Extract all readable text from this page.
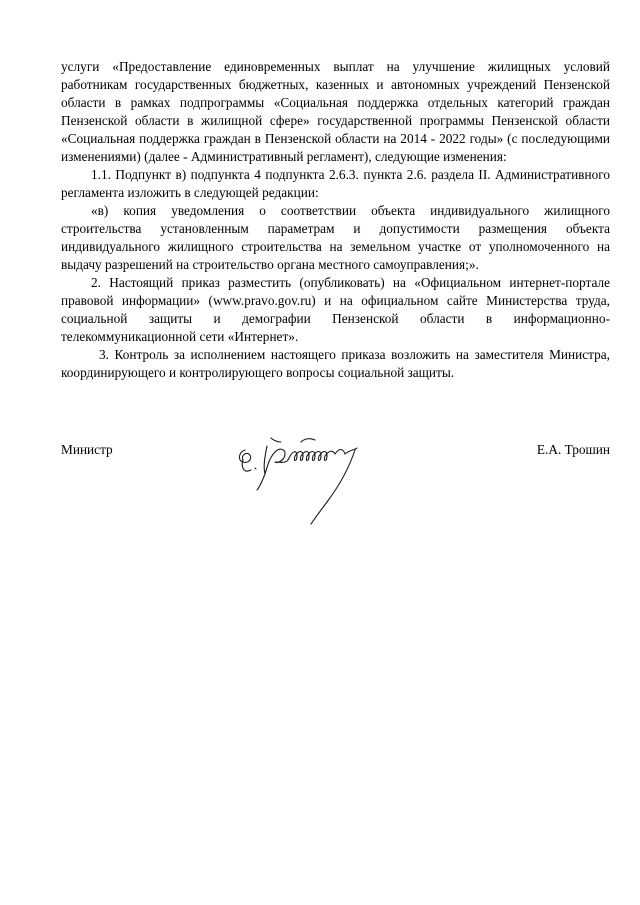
услуги «Предоставление единовременных выплат на улучшение жилищных условий работникам государственных бюджетных, казенных и автономных учреждений Пензенской области в рамках подпрограммы «Социальная поддержка отдельных категорий граждан Пензенской области в жилищной сфере» государственной программы Пензенской области «Социальная поддержка граждан в Пензенской области на 2014 - 2022 годы» (с последующими изменениями) (далее - Административный регламент), следующие изменения:

1.1. Подпункт в) подпункта 4 подпункта 2.6.3. пункта 2.6. раздела II. Административного регламента изложить в следующей редакции:

«в) копия уведомления о соответствии объекта индивидуального жилищного строительства установленным параметрам и допустимости размещения объекта индивидуального жилищного строительства на земельном участке от уполномоченного на выдачу разрешений на строительство органа местного самоуправления;».

2. Настоящий приказ разместить (опубликовать) на «Официальном интернет-портале правовой информации» (www.pravo.gov.ru) и на официальном сайте Министерства труда, социальной защиты и демографии Пензенской области в информационно-телекоммуникационной сети «Интернет».

3. Контроль за исполнением настоящего приказа возложить на заместителя Министра, координирующего и контролирующего вопросы социальной защиты.

Министр	Е.А. Трошин
